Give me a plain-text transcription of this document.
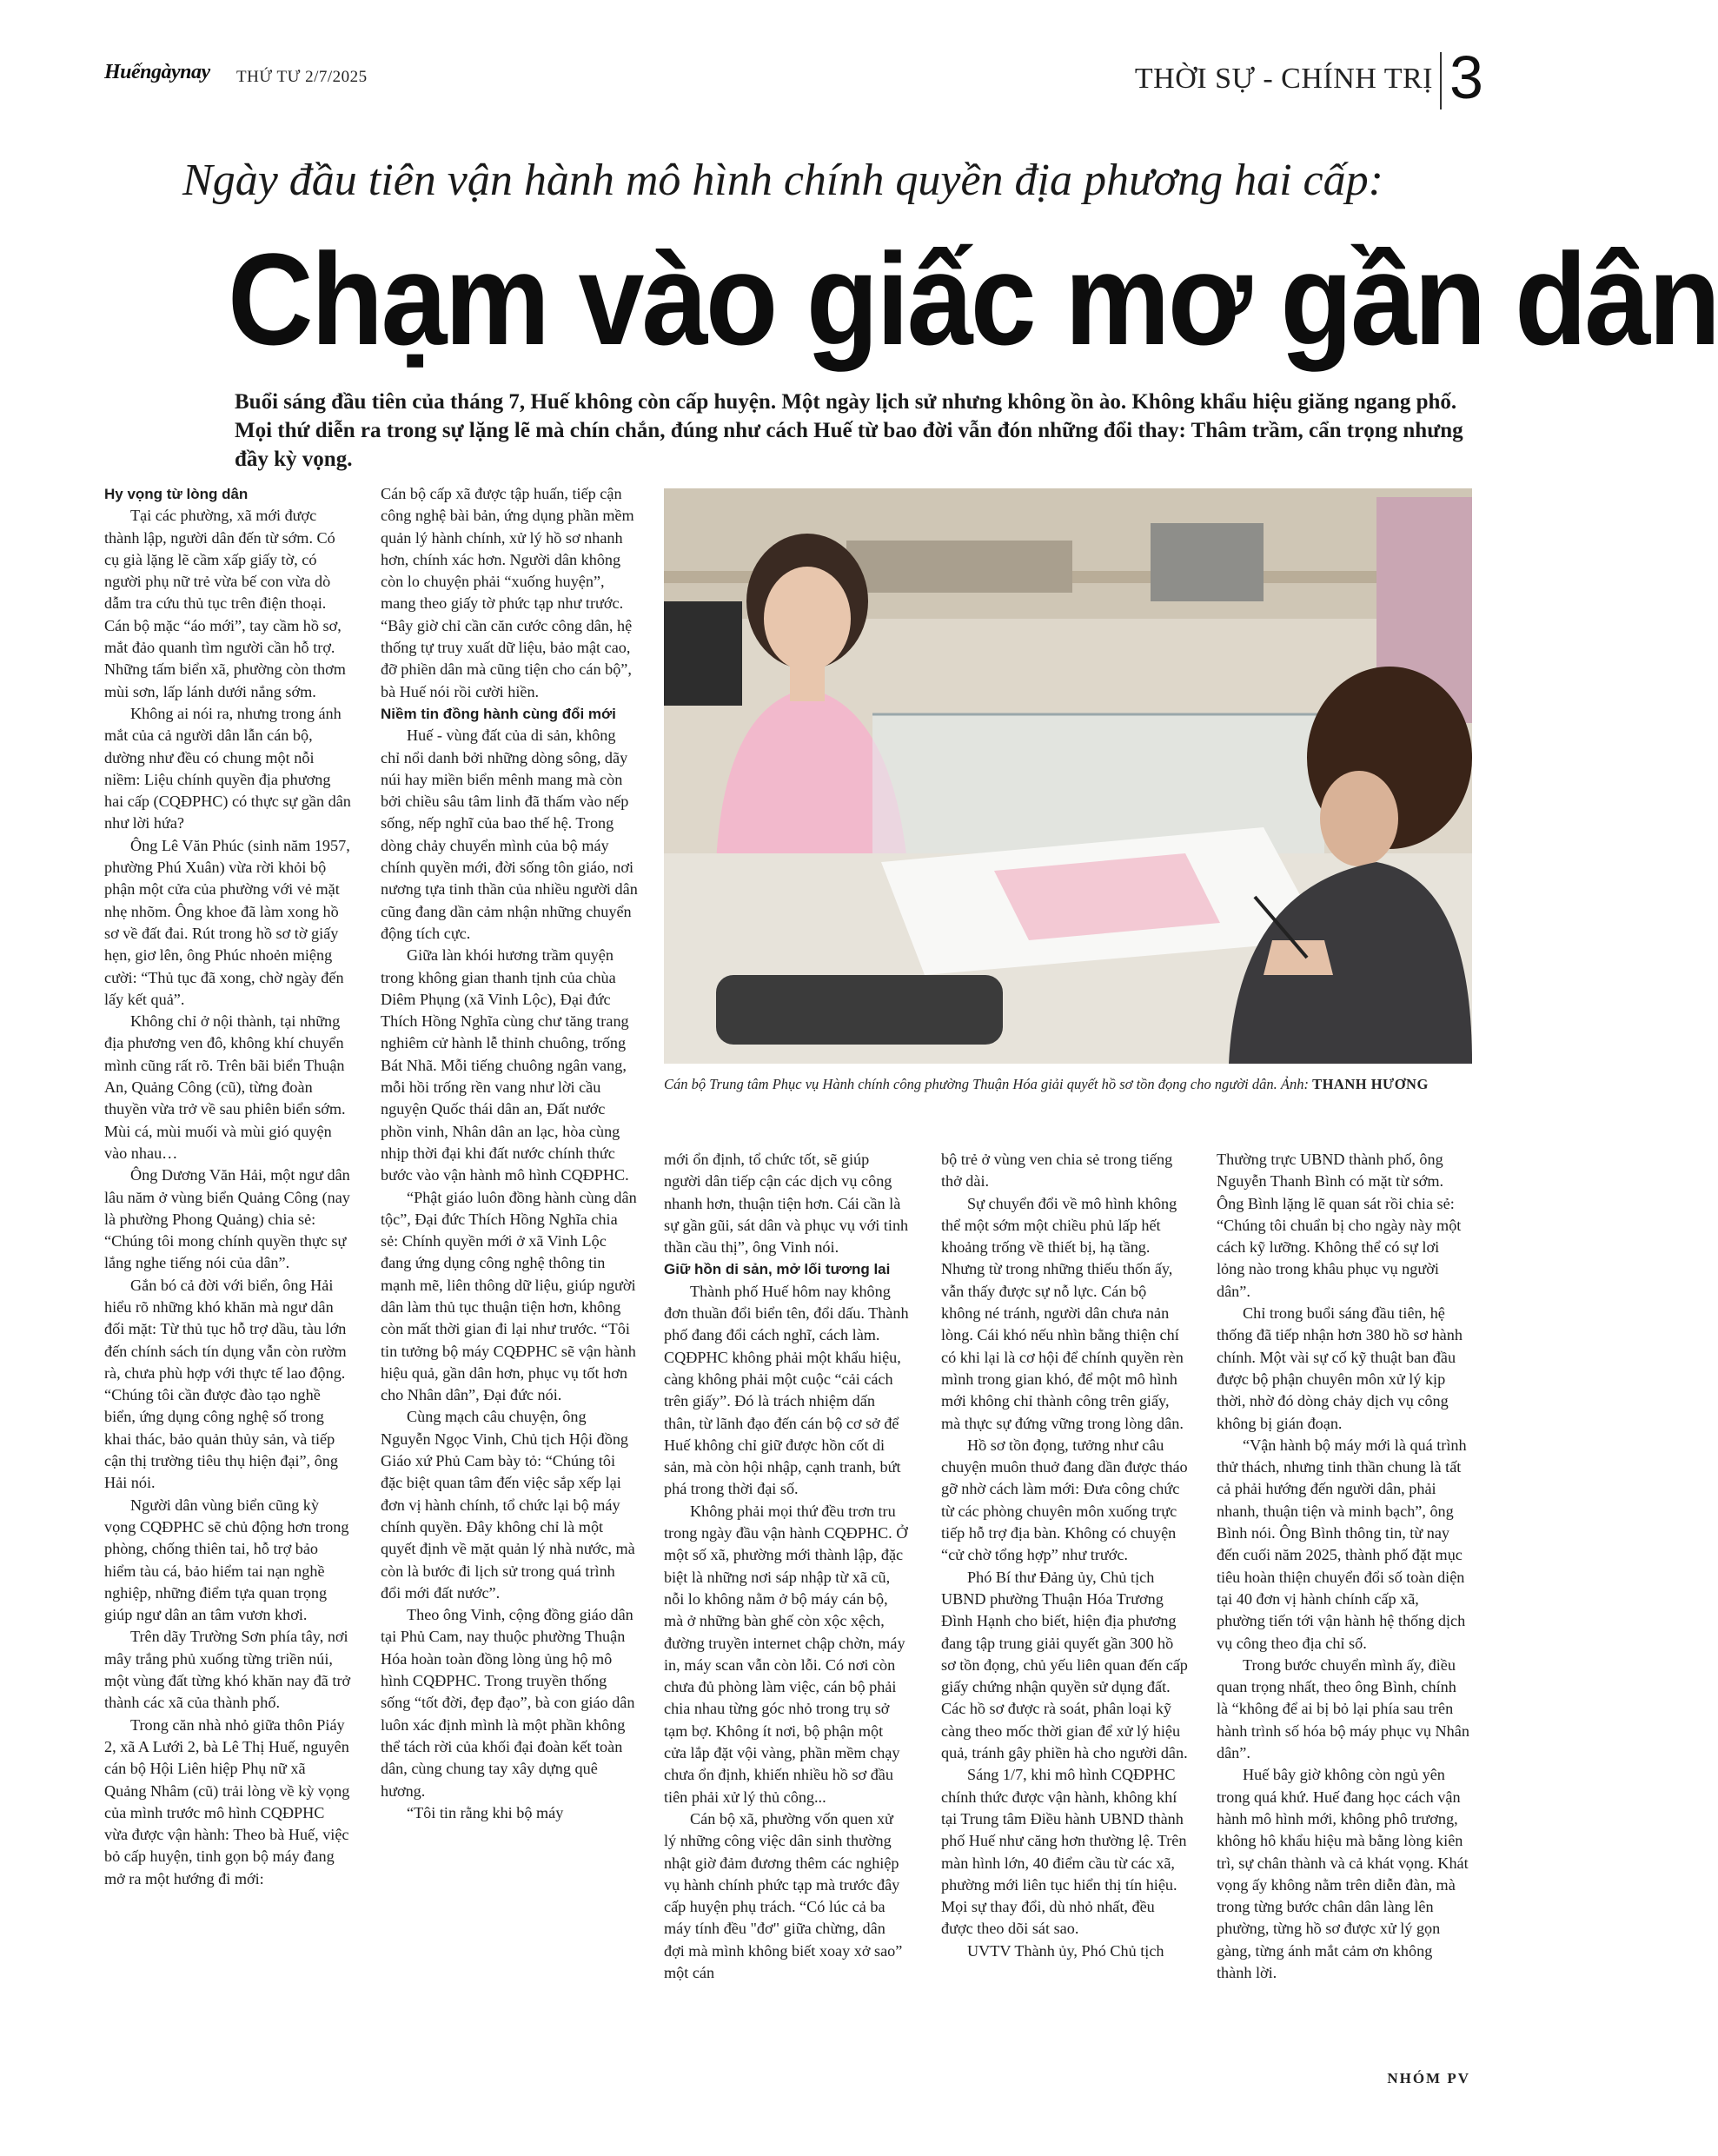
Huếngàynay THỨ TƯ 2/7/2025	THỜI SỰ - CHÍNH TRỊ 3
Ngày đầu tiên vận hành mô hình chính quyền địa phương hai cấp:
Chạm vào giấc mơ gần dân
Buổi sáng đầu tiên của tháng 7, Huế không còn cấp huyện. Một ngày lịch sử nhưng không ồn ào. Không khẩu hiệu giăng ngang phố. Mọi thứ diễn ra trong sự lặng lẽ mà chín chắn, đúng như cách Huế từ bao đời vẫn đón những đổi thay: Thâm trầm, cẩn trọng nhưng đầy kỳ vọng.
Hy vọng từ lòng dân

Tại các phường, xã mới được thành lập, người dân đến từ sớm. Có cụ già lặng lẽ cầm xấp giấy tờ, có người phụ nữ trẻ vừa bế con vừa dò dẫm tra cứu thủ tục trên điện thoại. Cán bộ mặc “áo mới”, tay cầm hồ sơ, mắt đảo quanh tìm người cần hỗ trợ. Những tấm biển xã, phường còn thơm mùi sơn, lấp lánh dưới nắng sớm.

Không ai nói ra, nhưng trong ánh mắt của cả người dân lẫn cán bộ, dường như đều có chung một nỗi niềm: Liệu chính quyền địa phương hai cấp (CQĐPHC) có thực sự gần dân như lời hứa?

Ông Lê Văn Phúc (sinh năm 1957, phường Phú Xuân) vừa rời khỏi bộ phận một cửa của phường với vẻ mặt nhẹ nhõm. Ông khoe đã làm xong hồ sơ về đất đai. Rút trong hồ sơ tờ giấy hẹn, giơ lên, ông Phúc nhoẻn miệng cười: “Thủ tục đã xong, chờ ngày đến lấy kết quả”.

Không chỉ ở nội thành, tại những địa phương ven đô, không khí chuyển mình cũng rất rõ. Trên bãi biển Thuận An, Quảng Công (cũ), từng đoàn thuyền vừa trở về sau phiên biển sớm. Mùi cá, mùi muối và mùi gió quyện vào nhau…

Ông Dương Văn Hải, một ngư dân lâu năm ở vùng biển Quảng Công (nay là phường Phong Quảng) chia sẻ: “Chúng tôi mong chính quyền thực sự lắng nghe tiếng nói của dân”.

Gắn bó cả đời với biển, ông Hải hiểu rõ những khó khăn mà ngư dân đối mặt: Từ thủ tục hỗ trợ dầu, tàu lớn đến chính sách tín dụng vẫn còn rườm rà, chưa phù hợp với thực tế lao động. “Chúng tôi cần được đào tạo nghề biển, ứng dụng công nghệ số trong khai thác, bảo quản thủy sản, và tiếp cận thị trường tiêu thụ hiện đại”, ông Hải nói.

Người dân vùng biển cũng kỳ vọng CQĐPHC sẽ chủ động hơn trong phòng, chống thiên tai, hỗ trợ bảo hiểm tàu cá, bảo hiểm tai nạn nghề nghiệp, những điểm tựa quan trọng giúp ngư dân an tâm vươn khơi.

Trên dãy Trường Sơn phía tây, nơi mây trắng phủ xuống từng triền núi, một vùng đất từng khó khăn nay đã trở thành các xã của thành phố.

Trong căn nhà nhỏ giữa thôn Piáy 2, xã A Lưới 2, bà Lê Thị Huế, nguyên cán bộ Hội Liên hiệp Phụ nữ xã Quảng Nhâm (cũ) trải lòng về kỳ vọng của mình trước mô hình CQĐPHC vừa được vận hành: Theo bà Huế, việc bỏ cấp huyện, tinh gọn bộ máy đang mở ra một hướng đi mới:

Cán bộ cấp xã được tập huấn, tiếp cận công nghệ bài bản, ứng dụng phần mềm quản lý hành chính, xử lý hồ sơ nhanh hơn, chính xác hơn. Người dân không còn lo chuyện phải “xuống huyện”, mang theo giấy tờ phức tạp như trước. “Bây giờ chỉ cần căn cước công dân, hệ thống tự truy xuất dữ liệu, bảo mật cao, đỡ phiền dân mà cũng tiện cho cán bộ”, bà Huế nói rồi cười hiền.

Niềm tin đồng hành cùng đổi mới

Huế - vùng đất của di sản, không chỉ nổi danh bởi những dòng sông, dãy núi hay miền biển mênh mang mà còn bởi chiều sâu tâm linh đã thấm vào nếp sống, nếp nghĩ của bao thế hệ. Trong dòng chảy chuyển mình của bộ máy chính quyền mới, đời sống tôn giáo, nơi nương tựa tinh thần của nhiều người dân cũng đang dần cảm nhận những chuyển động tích cực.

Giữa làn khói hương trầm quyện trong không gian thanh tịnh của chùa Diêm Phụng (xã Vinh Lộc), Đại đức Thích Hồng Nghĩa cùng chư tăng trang nghiêm cử hành lễ thỉnh chuông, trống Bát Nhã. Mỗi tiếng chuông ngân vang, mỗi hồi trống rền vang như lời cầu nguyện Quốc thái dân an, Đất nước phồn vinh, Nhân dân an lạc, hòa cùng nhịp thời đại khi đất nước chính thức bước vào vận hành mô hình CQĐPHC.

“Phật giáo luôn đồng hành cùng dân tộc”, Đại đức Thích Hồng Nghĩa chia sẻ: Chính quyền mới ở xã Vinh Lộc đang ứng dụng công nghệ thông tin mạnh mẽ, liên thông dữ liệu, giúp người dân làm thủ tục thuận tiện hơn, không còn mất thời gian đi lại như trước. “Tôi tin tưởng bộ máy CQĐPHC sẽ vận hành hiệu quả, gần dân hơn, phục vụ tốt hơn cho Nhân dân”, Đại đức nói.

Cùng mạch câu chuyện, ông Nguyễn Ngọc Vinh, Chủ tịch Hội đồng Giáo xứ Phủ Cam bày tỏ: “Chúng tôi đặc biệt quan tâm đến việc sắp xếp lại đơn vị hành chính, tổ chức lại bộ máy chính quyền. Đây không chỉ là một quyết định về mặt quản lý nhà nước, mà còn là bước đi lịch sử trong quá trình đổi mới đất nước”.

Theo ông Vinh, cộng đồng giáo dân tại Phủ Cam, nay thuộc phường Thuận Hóa hoàn toàn đồng lòng ủng hộ mô hình CQĐPHC. Trong truyền thống sống “tốt đời, đẹp đạo”, bà con giáo dân luôn xác định mình là một phần không thể tách rời của khối đại đoàn kết toàn dân, cùng chung tay xây dựng quê hương.

“Tôi tin rằng khi bộ máy

Cán bộ Trung tâm Phục vụ Hành chính công phường Thuận Hóa giải quyết hồ sơ tồn đọng cho người dân. Ảnh: THANH HƯƠNG

mới ổn định, tổ chức tốt, sẽ giúp người dân tiếp cận các dịch vụ công nhanh hơn, thuận tiện hơn. Cái cần là sự gần gũi, sát dân và phục vụ với tinh thần cầu thị”, ông Vinh nói.

Giữ hồn di sản, mở lối tương lai

Thành phố Huế hôm nay không đơn thuần đổi biển tên, đổi dấu. Thành phố đang đổi cách nghĩ, cách làm. CQĐPHC không phải một khẩu hiệu, càng không phải một cuộc “cải cách trên giấy”. Đó là trách nhiệm dấn thân, từ lãnh đạo đến cán bộ cơ sở để Huế không chỉ giữ được hồn cốt di sản, mà còn hội nhập, cạnh tranh, bứt phá trong thời đại số.

Không phải mọi thứ đều trơn tru trong ngày đầu vận hành CQĐPHC. Ở một số xã, phường mới thành lập, đặc biệt là những nơi sáp nhập từ xã cũ, nỗi lo không nằm ở bộ máy cán bộ, mà ở những bàn ghế còn xộc xệch, đường truyền internet chập chờn, máy in, máy scan vẫn còn lỗi. Có nơi còn chưa đủ phòng làm việc, cán bộ phải chia nhau từng góc nhỏ trong trụ sở tạm bợ. Không ít nơi, bộ phận một cửa lắp đặt vội vàng, phần mềm chạy chưa ổn định, khiến nhiều hồ sơ đầu tiên phải xử lý thủ công...

Cán bộ xã, phường vốn quen xử lý những công việc dân sinh thường nhật giờ đảm đương thêm các nghiệp vụ hành chính phức tạp mà trước đây cấp huyện phụ trách. “Có lúc cả ba máy tính đều "đơ" giữa chừng, dân đợi mà mình không biết xoay xở sao” một cán

bộ trẻ ở vùng ven chia sẻ trong tiếng thở dài.

Sự chuyển đổi về mô hình không thể một sớm một chiều phủ lấp hết khoảng trống về thiết bị, hạ tầng. Nhưng từ trong những thiếu thốn ấy, vẫn thấy được sự nỗ lực. Cán bộ không né tránh, người dân chưa nản lòng. Cái khó nếu nhìn bằng thiện chí có khi lại là cơ hội để chính quyền rèn mình trong gian khó, để một mô hình mới không chỉ thành công trên giấy, mà thực sự đứng vững trong lòng dân.

Hồ sơ tồn đọng, tưởng như câu chuyện muôn thuở đang dần được tháo gỡ nhờ cách làm mới: Đưa công chức từ các phòng chuyên môn xuống trực tiếp hỗ trợ địa bàn. Không có chuyện “cử chờ tổng hợp” như trước.

Phó Bí thư Đảng ủy, Chủ tịch UBND phường Thuận Hóa Trương Đình Hạnh cho biết, hiện địa phương đang tập trung giải quyết gần 300 hồ sơ tồn đọng, chủ yếu liên quan đến cấp giấy chứng nhận quyền sử dụng đất. Các hồ sơ được rà soát, phân loại kỹ càng theo mốc thời gian để xử lý hiệu quả, tránh gây phiền hà cho người dân.

Sáng 1/7, khi mô hình CQĐPHC chính thức được vận hành, không khí tại Trung tâm Điều hành UBND thành phố Huế như căng hơn thường lệ. Trên màn hình lớn, 40 điểm cầu từ các xã, phường mới liên tục hiển thị tín hiệu. Mọi sự thay đổi, dù nhỏ nhất, đều được theo dõi sát sao.

UVTV Thành ủy, Phó Chủ tịch

Thường trực UBND thành phố, ông Nguyễn Thanh Bình có mặt từ sớm. Ông Bình lặng lẽ quan sát rồi chia sẻ: “Chúng tôi chuẩn bị cho ngày này một cách kỹ lưỡng. Không thể có sự lơi lỏng nào trong khâu phục vụ người dân”.

Chỉ trong buổi sáng đầu tiên, hệ thống đã tiếp nhận hơn 380 hồ sơ hành chính. Một vài sự cố kỹ thuật ban đầu được bộ phận chuyên môn xử lý kịp thời, nhờ đó dòng chảy dịch vụ công không bị gián đoạn.

“Vận hành bộ máy mới là quá trình thử thách, nhưng tinh thần chung là tất cả phải hướng đến người dân, phải nhanh, thuận tiện và minh bạch”, ông Bình nói. Ông Bình thông tin, từ nay đến cuối năm 2025, thành phố đặt mục tiêu hoàn thiện chuyển đổi số toàn diện tại 40 đơn vị hành chính cấp xã, phường tiến tới vận hành hệ thống dịch vụ công theo địa chỉ số.

Trong bước chuyển mình ấy, điều quan trọng nhất, theo ông Bình, chính là “không để ai bị bỏ lại phía sau trên hành trình số hóa bộ máy phục vụ Nhân dân”.

Huế bây giờ không còn ngủ yên trong quá khứ. Huế đang học cách vận hành mô hình mới, không phô trương, không hô khẩu hiệu mà bằng lòng kiên trì, sự chân thành và cả khát vọng. Khát vọng ấy không nằm trên diễn đàn, mà trong từng bước chân dân làng lên phường, từng hồ sơ được xử lý gọn gàng, từng ánh mắt cảm ơn không thành lời.

NHÓM PV
